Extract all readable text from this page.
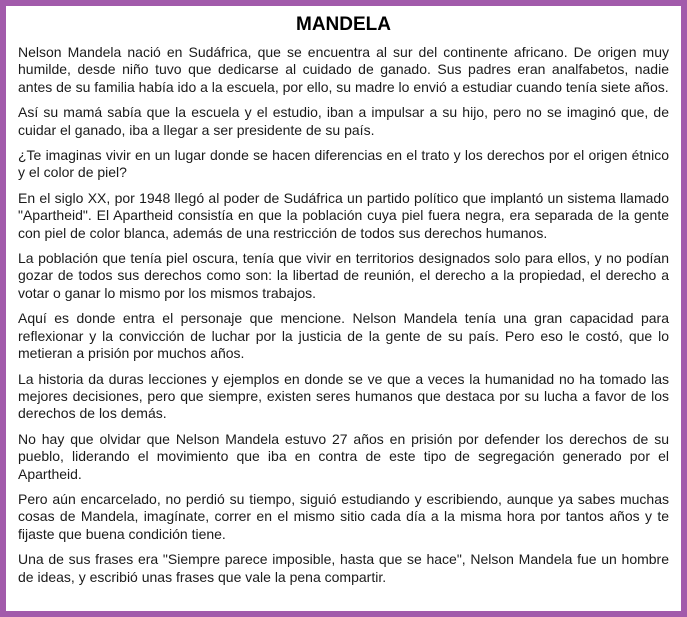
MANDELA

Nelson Mandela nació en Sudáfrica, que se encuentra al sur del continente africano. De origen muy humilde, desde niño tuvo que dedicarse al cuidado de ganado. Sus padres eran analfabetos, nadie antes de su familia había ido a la escuela, por ello, su madre lo envió a estudiar cuando tenía siete años.

Así su mamá sabía que la escuela y el estudio, iban a impulsar a su hijo, pero no se imaginó que, de cuidar el ganado, iba a llegar a ser presidente de su país.

¿Te imaginas vivir en un lugar donde se hacen diferencias en el trato y los derechos por el origen étnico y el color de piel?

En el siglo XX, por 1948 llegó al poder de Sudáfrica un partido político que implantó un sistema llamado "Apartheid". El Apartheid consistía en que la población cuya piel fuera negra, era separada de la gente con piel de color blanca, además de una restricción de todos sus derechos humanos.

La población que tenía piel oscura, tenía que vivir en territorios designados solo para ellos, y no podían gozar de todos sus derechos como son: la libertad de reunión, el derecho a la propiedad, el derecho a votar o ganar lo mismo por los mismos trabajos.

Aquí es donde entra el personaje que mencione. Nelson Mandela tenía una gran capacidad para reflexionar y la convicción de luchar por la justicia de la gente de su país. Pero eso le costó, que lo metieran a prisión por muchos años.

La historia da duras lecciones y ejemplos en donde se ve que a veces la humanidad no ha tomado las mejores decisiones, pero que siempre, existen seres humanos que destaca por su lucha a favor de los derechos de los demás.

No hay que olvidar que Nelson Mandela estuvo 27 años en prisión por defender los derechos de su pueblo, liderando el movimiento que iba en contra de este tipo de segregación generado por el Apartheid.

Pero aún encarcelado, no perdió su tiempo, siguió estudiando y escribiendo, aunque ya sabes muchas cosas de Mandela, imagínate, correr en el mismo sitio cada día a la misma hora por tantos años y te fijaste que buena condición tiene.

Una de sus frases era "Siempre parece imposible, hasta que se hace", Nelson Mandela fue un hombre de ideas, y escribió unas frases que vale la pena compartir.
